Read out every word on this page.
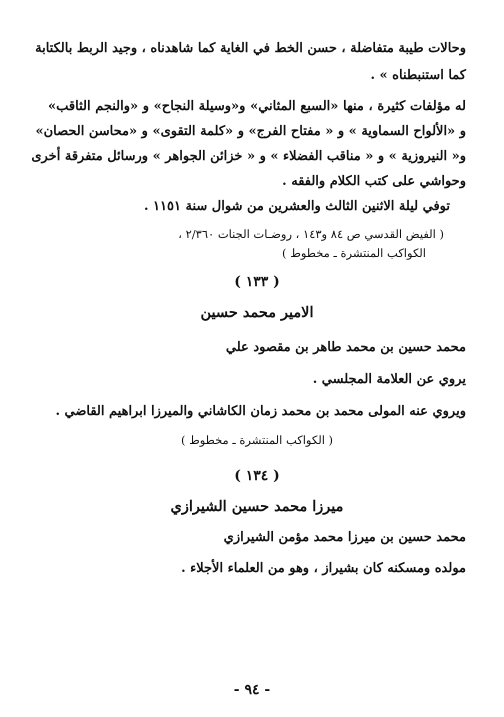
وحالات طيبة متفاضلة ، حسن الخط في الغاية كما شاهدناه ، وجيد الربط بالكتابة

كما استنبطناه » .

له مؤلفات كثيرة ، منها «السبع المثاني» و«وسيلة النجاح» و «والنجم الثاقب»

و «الألواح السماوية » و « مفتاح الفرج» و «كلمة التقوى» و «محاسن الحصان»

و« النيروزية » و « مناقب الفضلاء » و « خزائن الجواهر » ورسائل متفرقة أخرى

وحواشي على كتب الكلام والفقه .

توفي ليلة الاثنين الثالث والعشرين من شوال سنة ١١٥١ .

( الفيض القدسي ص ٨٤ و١٤٣ ، روضـات الجنات ٢/٣٦٠ ،

الكواكب المنتشرة ـ مخطوط )

( ١٣٣ )
الامير محمد حسين

محمد حسين بن محمد طاهر بن مقصود علي

يروي عن العلامة المجلسي .

ويروي عنه المولى محمد بن محمد زمان الكاشاني والميرزا ابراهيم القاضي .

( الكواكب المنتشرة ـ مخطوط )

( ١٣٤ )
ميرزا محمد حسين الشيرازي

محمد حسين بن ميرزا محمد مؤمن الشيرازي

مولده ومسكنه كان بشيراز ، وهو من العلماء الأجلاء .

- ٩٤ -
